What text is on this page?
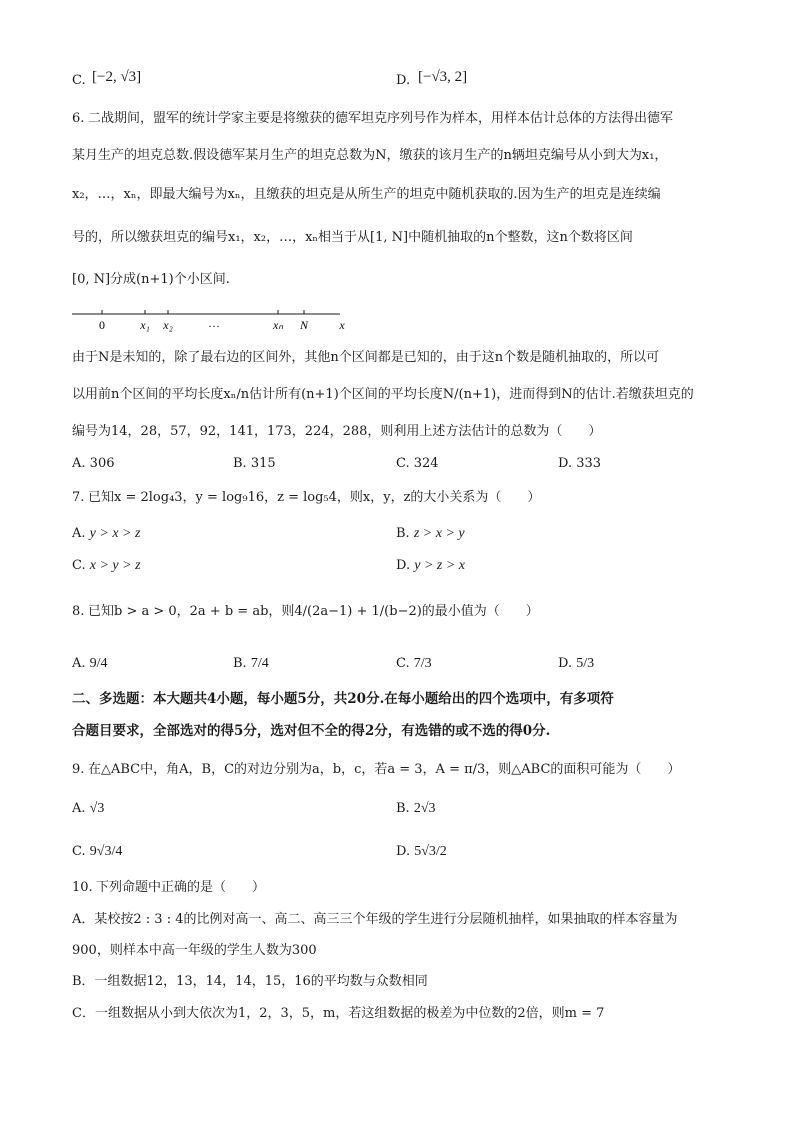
C. [−2, √3]	D. [−√3, 2]
6. 二战期间，盟军的统计学家主要是将缴获的德军坦克序列号作为样本，用样本估计总体的方法得出德军
某月生产的坦克总数.假设德军某月生产的坦克总数为N，缴获的该月生产的n辆坦克编号从小到大为x₁，
x₂，…，xₙ，即最大编号为xₙ，且缴获的坦克是从所生产的坦克中随机获取的.因为生产的坦克是连续编
号的，所以缴获坦克的编号x₁，x₂，…，xₙ相当于从[1, N]中随机抽取的n个整数，这n个数将区间
[0, N]分成(n+1)个小区间.
0	x₁ x₂	…	xₙ N	x
由于N是未知的，除了最右边的区间外，其他n个区间都是已知的，由于这n个数是随机抽取的，所以可
以用前n个区间的平均长度xₙ/n估计所有(n+1)个区间的平均长度N/(n+1)，进而得到N的估计.若缴获坦克的
编号为14，28，57，92，141，173，224，288，则利用上述方法估计的总数为（　　）
A. 306	B. 315	C. 324	D. 333
7. 已知x = 2log₄3，y = log₉16，z = log₅4，则x，y，z的大小关系为（　　）
A. y > x > z	B. z > x > y
C. x > y > z	D. y > z > x
8. 已知b > a > 0，2a + b = ab，则4/(2a−1) + 1/(b−2)的最小值为（　　）
A. 9/4	B. 7/4	C. 7/3	D. 5/3
二、多选题：本大题共4小题，每小题5分，共20分.在每小题给出的四个选项中，有多项符
合题目要求，全部选对的得5分，选对但不全的得2分，有选错的或不选的得0分.
9. 在△ABC中，角A，B，C的对边分别为a，b，c，若a = 3，A = π/3，则△ABC的面积可能为（　　）
A. √3	B. 2√3
C. 9√3/4	D. 5√3/2
10. 下列命题中正确的是（　　）
A．某校按2 : 3 : 4的比例对高一、高二、高三三个年级的学生进行分层随机抽样，如果抽取的样本容量为
900，则样本中高一年级的学生人数为300
B．一组数据12，13，14，14，15，16的平均数与众数相同
C．一组数据从小到大依次为1，2，3，5，m，若这组数据的极差为中位数的2倍，则m = 7
